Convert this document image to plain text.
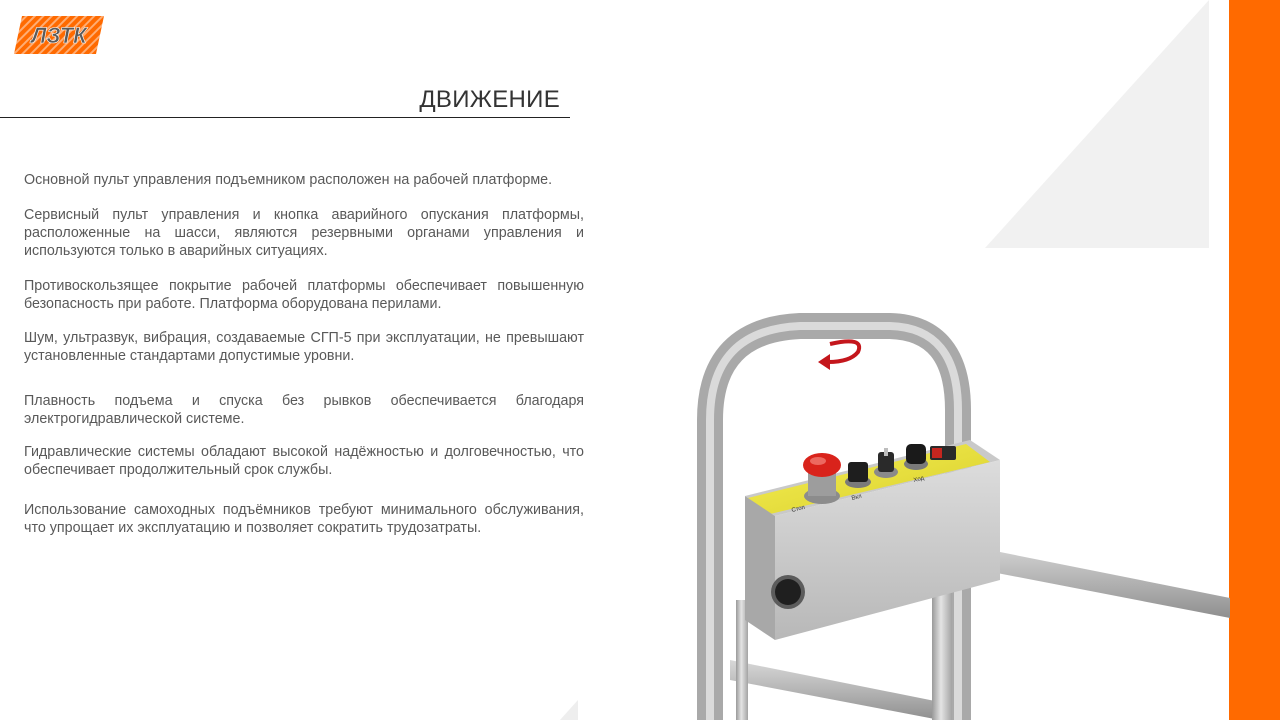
ЛЗТК
ДВИЖЕНИЕ

Основной пульт управления подъемником расположен на рабочей платформе.

Сервисный пульт управления и кнопка аварийного опускания платформы, расположенные на шасси, являются резервными органами управления и используются только в аварийных ситуациях.

Противоскользящее покрытие рабочей платформы обеспечивает повышенную безопасность при работе. Платформа оборудована перилами.

Шум, ультразвук, вибрация, создаваемые СГП-5 при эксплуатации, не превышают установленные стандартами допустимые уровни.

Плавность подъема и спуска без рывков обеспечивается благодаря электрогидравлической системе.

Гидравлические системы обладают высокой надёжностью и долговечностью, что обеспечивает продолжительный срок службы.

Использование самоходных подъёмников требуют минимального обслуживания, что упрощает их эксплуатацию и позволяет сократить трудозатраты.

Стоп
Вкл
Ход
